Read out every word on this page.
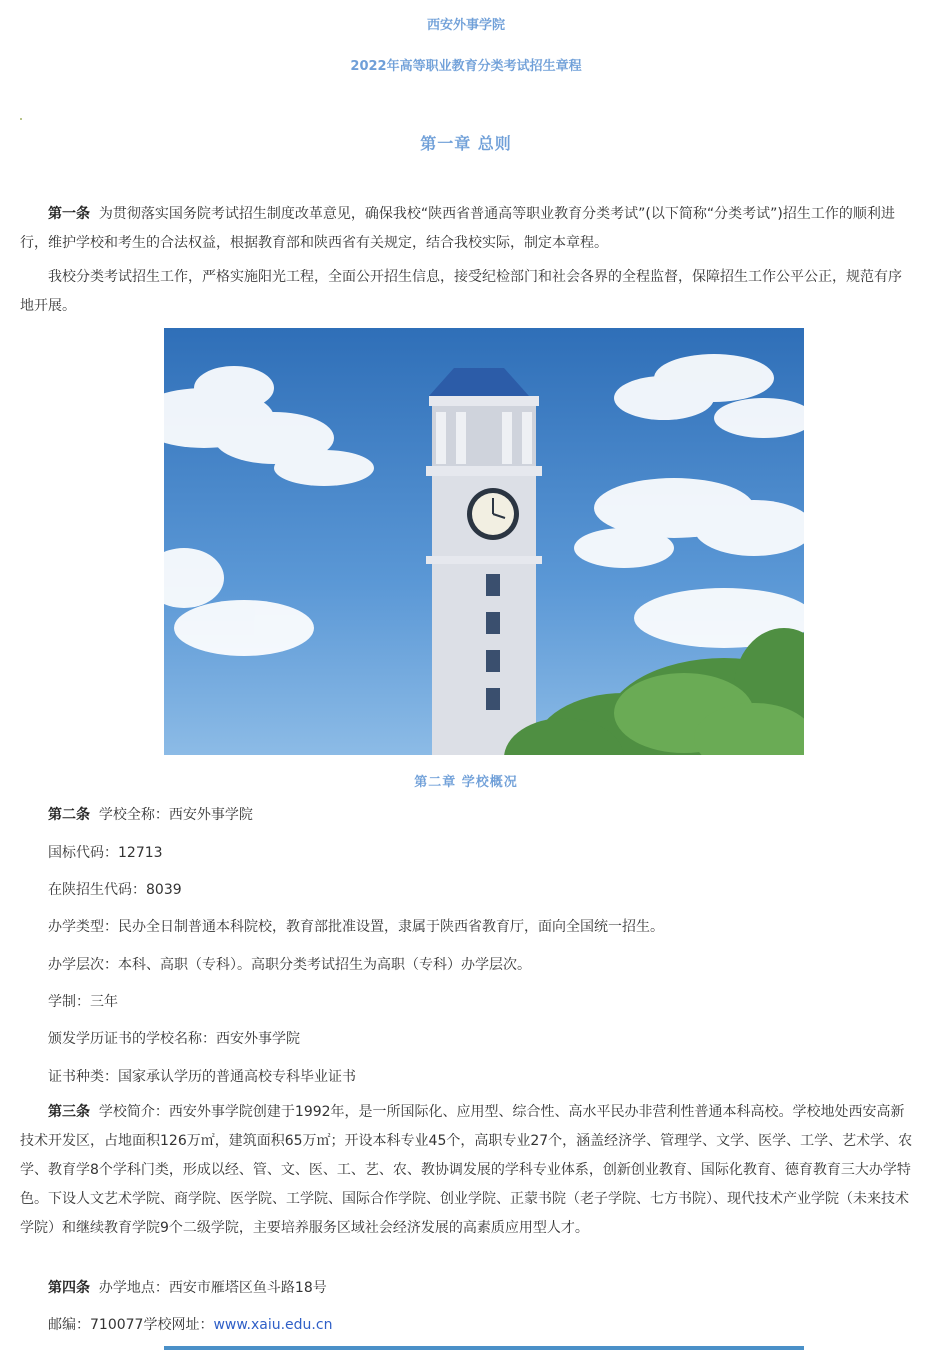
西安外事学院
2022年高等职业教育分类考试招生章程
第一章 总则

第一条 为贯彻落实国务院考试招生制度改革意见，确保我校“陕西省普通高等职业教育分类考试”(以下简称“分类考试”)招生工作的顺利进行，维护学校和考生的合法权益，根据教育部和陕西省有关规定，结合我校实际，制定本章程。

我校分类考试招生工作，严格实施阳光工程，全面公开招生信息，接受纪检部门和社会各界的全程监督，保障招生工作公平公正，规范有序地开展。

第二章 学校概况

第二条 学校全称：西安外事学院

国标代码：12713

在陕招生代码：8039

办学类型：民办全日制普通本科院校，教育部批准设置，隶属于陕西省教育厅，面向全国统一招生。

办学层次：本科、高职（专科）。高职分类考试招生为高职（专科）办学层次。

学制：三年

颁发学历证书的学校名称：西安外事学院

证书种类：国家承认学历的普通高校专科毕业证书

第三条 学校简介：西安外事学院创建于1992年，是一所国际化、应用型、综合性、高水平民办非营利性普通本科高校。学校地处西安高新技术开发区，占地面积126万㎡，建筑面积65万㎡；开设本科专业45个，高职专业27个，涵盖经济学、管理学、文学、医学、工学、艺术学、农学、教育学8个学科门类，形成以经、管、文、医、工、艺、农、教协调发展的学科专业体系，创新创业教育、国际化教育、德育教育三大办学特色。下设人文艺术学院、商学院、医学院、工学院、国际合作学院、创业学院、正蒙书院（老子学院、七方书院）、现代技术产业学院（未来技术学院）和继续教育学院9个二级学院，主要培养服务区域社会经济发展的高素质应用型人才。

第四条 办学地点：西安市雁塔区鱼斗路18号

邮编：710077学校网址：www.xaiu.edu.cn
